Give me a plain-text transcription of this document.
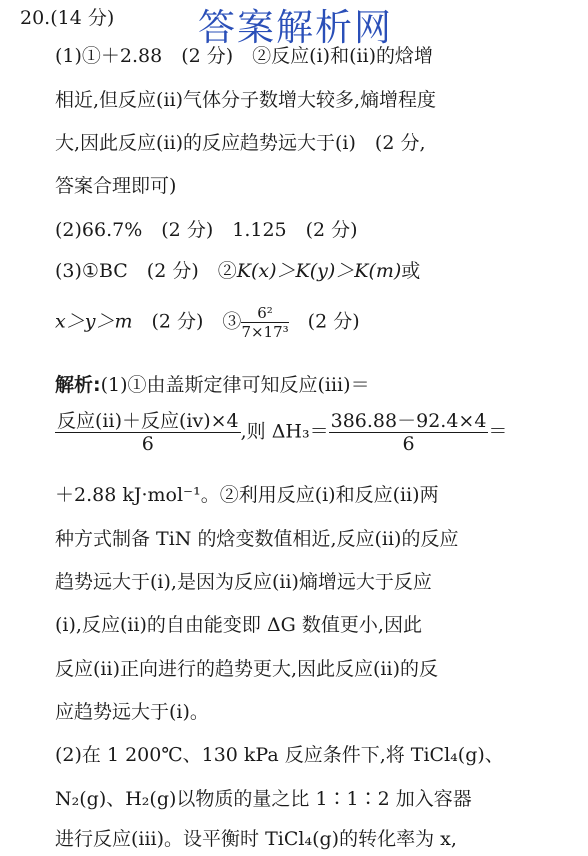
答案解析网
20.(14 分)
(1)①＋2.88　(2 分)　②反应(ⅰ)和(ⅱ)的焓增
相近,但反应(ⅱ)气体分子数增大较多,熵增程度
大,因此反应(ⅱ)的反应趋势远大于(ⅰ)　(2 分,
答案合理即可)
(2)66.7%　(2 分)　1.125　(2 分)
(3)①BC　(2 分)　②K(x)＞K(y)＞K(m)或
x＞y＞m　(2 分)　③ $\frac{\text{6²}}{\text{7×17³}}$ 　(2 分)
解析:(1)①由盖斯定律可知反应(ⅲ)＝
$\frac{\text{反应(ⅱ)＋反应(ⅳ)×4}}{6}$ ,则 $\Delta H_3= \frac{386.88-92.4\times 4}{6}$ ＝
＋2.88 kJ·mol⁻¹。②利用反应(ⅰ)和反应(ⅱ)两
种方式制备 TiN 的焓变数值相近,反应(ⅱ)的反应
趋势远大于(ⅰ),是因为反应(ⅱ)熵增远大于反应
(ⅰ),反应(ⅱ)的自由能变即 ΔG 数值更小,因此
反应(ⅱ)正向进行的趋势更大,因此反应(ⅱ)的反
应趋势远大于(ⅰ)。
(2)在 1 200℃、130 kPa 反应条件下,将 TiCl₄(g)、
N₂(g)、H₂(g)以物质的量之比 1∶1∶2 加入容器
进行反应(ⅲ)。设平衡时 TiCl₄(g)的转化率为 x,
